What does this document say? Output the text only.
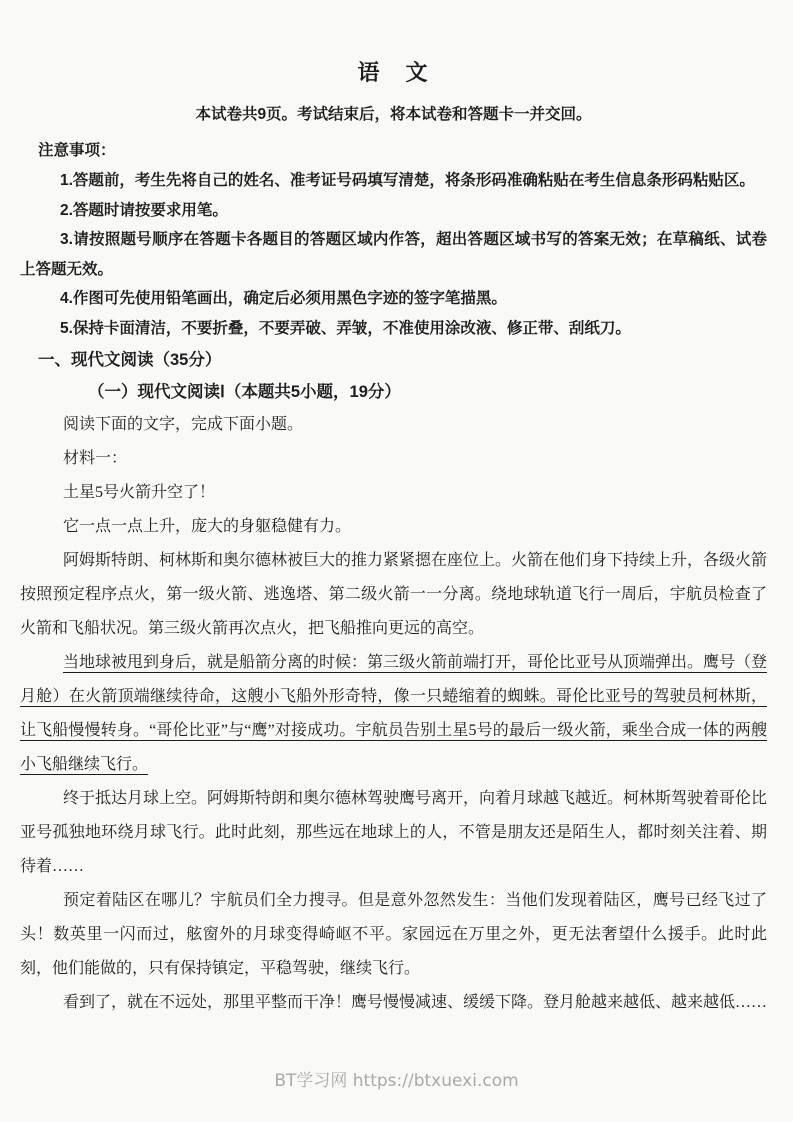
语　文

本试卷共9页。考试结束后，将本试卷和答题卡一并交回。

注意事项：

1.答题前，考生先将自己的姓名、准考证号码填写清楚，将条形码准确粘贴在考生信息条形码粘贴区。

2.答题时请按要求用笔。

3.请按照题号顺序在答题卡各题目的答题区域内作答，超出答题区域书写的答案无效；在草稿纸、试卷上答题无效。

4.作图可先使用铅笔画出，确定后必须用黑色字迹的签字笔描黑。

5.保持卡面清洁，不要折叠，不要弄破、弄皱，不准使用涂改液、修正带、刮纸刀。

一、现代文阅读（35分）
（一）现代文阅读Ⅰ（本题共5小题，19分）

阅读下面的文字，完成下面小题。

材料一：

土星5号火箭升空了！

它一点一点上升，庞大的身躯稳健有力。

阿姆斯特朗、柯林斯和奥尔德林被巨大的推力紧紧摁在座位上。火箭在他们身下持续上升，各级火箭按照预定程序点火，第一级火箭、逃逸塔、第二级火箭一一分离。绕地球轨道飞行一周后，宇航员检查了火箭和飞船状况。第三级火箭再次点火，把飞船推向更远的高空。

当地球被甩到身后，就是船箭分离的时候：第三级火箭前端打开，哥伦比亚号从顶端弹出。鹰号（登月舱）在火箭顶端继续待命，这艘小飞船外形奇特，像一只蜷缩着的蜘蛛。哥伦比亚号的驾驶员柯林斯，让飞船慢慢转身。“哥伦比亚”与“鹰”对接成功。宇航员告别土星5号的最后一级火箭，乘坐合成一体的两艘小飞船继续飞行。

终于抵达月球上空。阿姆斯特朗和奥尔德林驾驶鹰号离开，向着月球越飞越近。柯林斯驾驶着哥伦比亚号孤独地环绕月球飞行。此时此刻，那些远在地球上的人，不管是朋友还是陌生人，都时刻关注着、期待着……

预定着陆区在哪儿？宇航员们全力搜寻。但是意外忽然发生：当他们发现着陆区，鹰号已经飞过了头！数英里一闪而过，舷窗外的月球变得崎岖不平。家园远在万里之外，更无法奢望什么援手。此时此刻，他们能做的，只有保持镇定，平稳驾驶，继续飞行。

看到了，就在不远处，那里平整而干净！鹰号慢慢减速、缓缓下降。登月舱越来越低、越来越低……

BT学习网 https://btxuexi.com
